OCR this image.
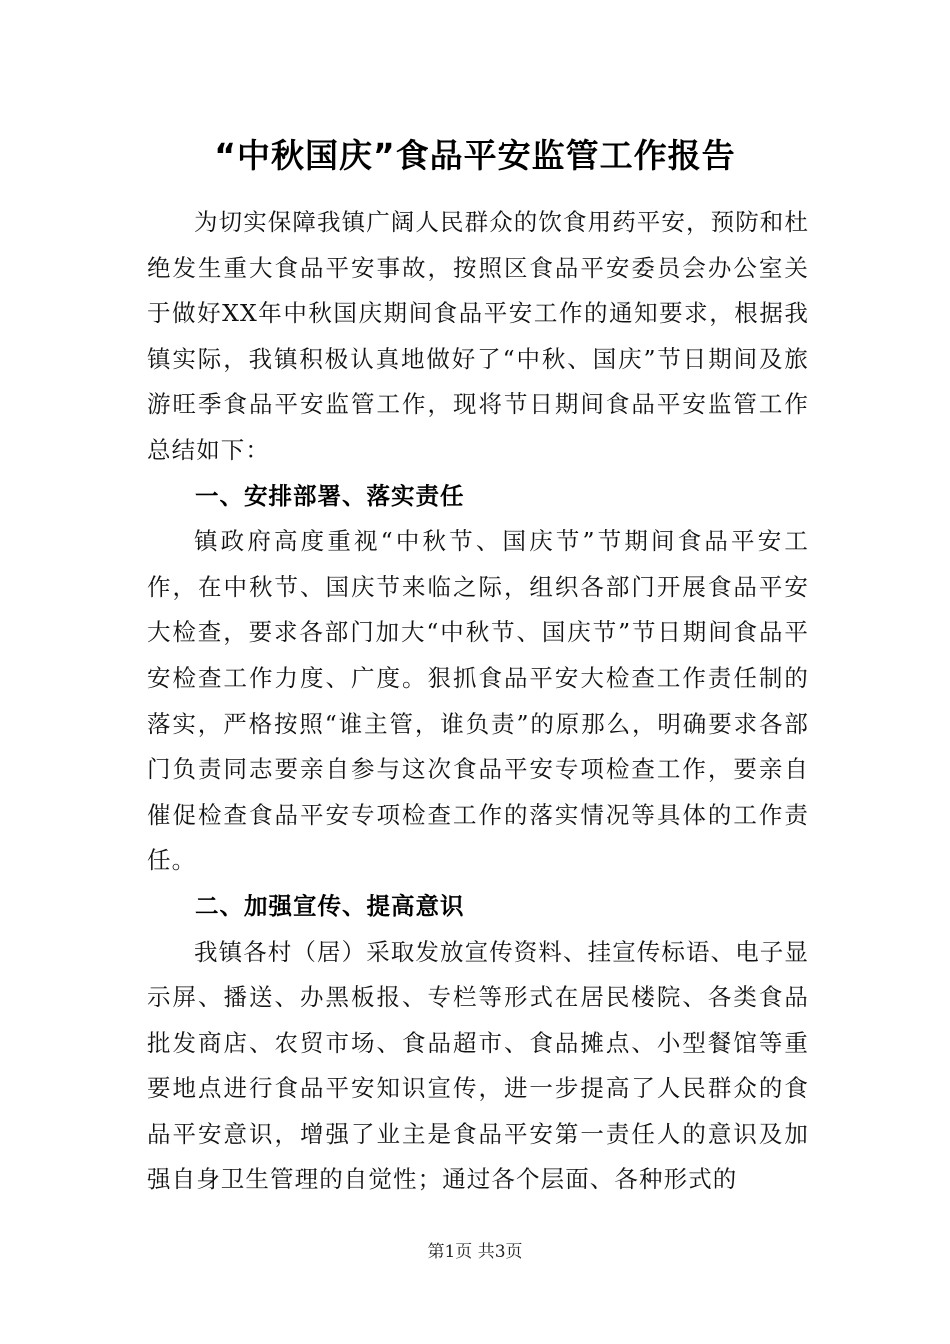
“中秋国庆”食品平安监管工作报告

为切实保障我镇广阔人民群众的饮食用药平安，预防和杜绝发生重大食品平安事故，按照区食品平安委员会办公室关于做好XX年中秋国庆期间食品平安工作的通知要求，根据我镇实际，我镇积极认真地做好了“中秋、国庆”节日期间及旅游旺季食品平安监管工作，现将节日期间食品平安监管工作总结如下：

一、安排部署、落实责任

镇政府高度重视“中秋节、国庆节”节期间食品平安工作，在中秋节、国庆节来临之际，组织各部门开展食品平安大检查，要求各部门加大“中秋节、国庆节”节日期间食品平安检查工作力度、广度。狠抓食品平安大检查工作责任制的落实，严格按照“谁主管，谁负责”的原那么，明确要求各部门负责同志要亲自参与这次食品平安专项检查工作，要亲自催促检查食品平安专项检查工作的落实情况等具体的工作责任。

二、加强宣传、提高意识

我镇各村（居）采取发放宣传资料、挂宣传标语、电子显示屏、播送、办黑板报、专栏等形式在居民楼院、各类食品批发商店、农贸市场、食品超市、食品摊点、小型餐馆等重要地点进行食品平安知识宣传，进一步提高了人民群众的食品平安意识，增强了业主是食品平安第一责任人的意识及加强自身卫生管理的自觉性；通过各个层面、各种形式的

第1页 共3页
